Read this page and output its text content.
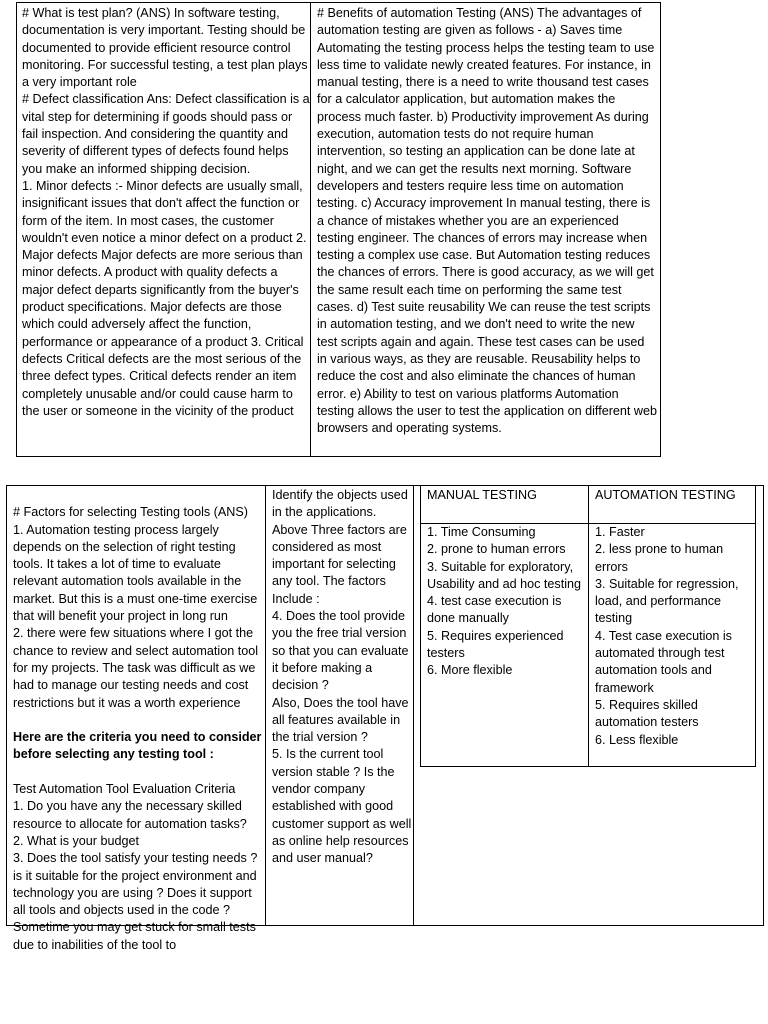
# What is test plan? (ANS) In software testing, documentation is very important. Testing should be documented to provide efficient resource control monitoring. For successful testing, a test plan plays a very important role
# Defect classification Ans: Defect classification is a vital step for determining if goods should pass or fail inspection. And considering the quantity and severity of different types of defects found helps you make an informed shipping decision.
1. Minor defects :- Minor defects are usually small, insignificant issues that don't affect the function or form of the item. In most cases, the customer wouldn't even notice a minor defect on a product 2. Major defects Major defects are more serious than minor defects. A product with quality defects a major defect departs significantly from the buyer's product specifications. Major defects are those which could adversely affect the function, performance or appearance of a product 3. Critical defects Critical defects are the most serious of the three defect types. Critical defects render an item completely unusable and/or could cause harm to the user or someone in the vicinity of the product
# Benefits of automation Testing (ANS) The advantages of automation testing are given as follows - a) Saves time Automating the testing process helps the testing team to use less time to validate newly created features. For instance, in manual testing, there is a need to write thousand test cases for a calculator application, but automation makes the process much faster. b) Productivity improvement As during execution, automation tests do not require human intervention, so testing an application can be done late at night, and we can get the results next morning. Software developers and testers require less time on automation testing. c) Accuracy improvement In manual testing, there is a chance of mistakes whether you are an experienced testing engineer. The chances of errors may increase when testing a complex use case. But Automation testing reduces the chances of errors. There is good accuracy, as we will get the same result each time on performing the same test cases. d) Test suite reusability We can reuse the test scripts in automation testing, and we don't need to write the new test scripts again and again. These test cases can be used in various ways, as they are reusable. Reusability helps to reduce the cost and also eliminate the chances of human error. e) Ability to test on various platforms Automation testing allows the user to test the application on different web browsers and operating systems.

# Factors for selecting Testing tools (ANS)
1. Automation testing process largely depends on the selection of right testing tools. It takes a lot of time to evaluate relevant automation tools available in the market. But this is a must one-time exercise that will benefit your project in long run
2. there were few situations where I got the chance to review and select automation tool for my projects. The task was difficult as we had to manage our testing needs and cost restrictions but it was a worth experience

Here are the criteria you need to consider before selecting any testing tool :

Test Automation Tool Evaluation Criteria
1. Do you have any the necessary skilled resource to allocate for automation tasks?
2. What is your budget
3. Does the tool satisfy your testing needs ? is it suitable for the project environment and technology you are using ? Does it support all tools and objects used in the code ? Sometime you may get stuck for small tests due to inabilities of the tool to

Identify the objects used in the applications.
Above Three factors are considered as most important for selecting any tool. The factors Include :
4. Does the tool provide you the free trial version so that you can evaluate it before making a decision ?
Also, Does the tool have all features available in the trial version ?
5. Is the current tool version stable ? Is the vendor company established with good customer support as well as online help resources and user manual?
MANUAL TESTING	AUTOMATION TESTING
1. Time Consuming
2. prone to human errors
3. Suitable for exploratory, Usability and ad hoc testing
4. test case execution is done manually
5. Requires experienced testers
6. More flexible
1. Faster
2. less prone to human errors
3. Suitable for regression, load, and performance testing
4. Test case execution is automated through test automation tools and framework
5. Requires skilled automation testers
6. Less flexible
